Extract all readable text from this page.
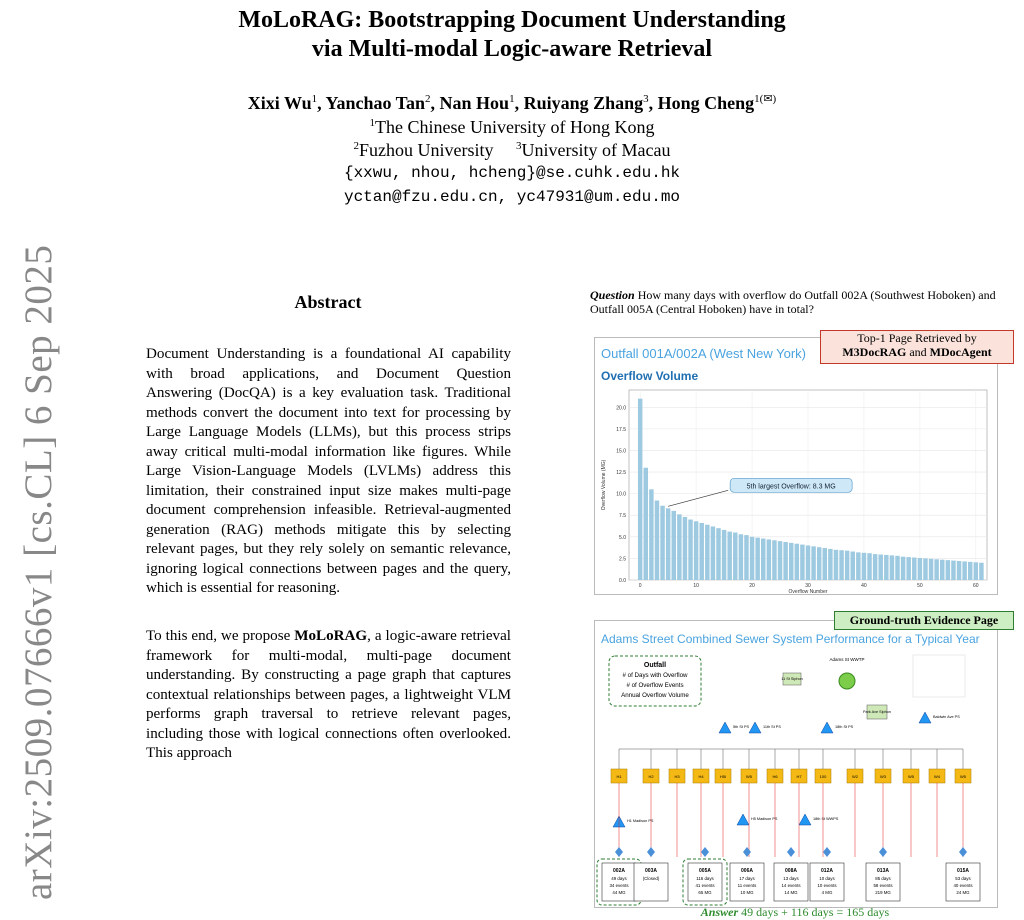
MoLoRAG: Bootstrapping Document Understanding
via Multi-modal Logic-aware Retrieval
Xixi Wu$^1$, Yanchao Tan$^2$, Nan Hou$^1$, Ruiyang Zhang$^3$, Hong Cheng$^{1(✉)}$
$^1$The Chinese University of Hong Kong
$^2$Fuzhou University $^3$University of Macau
{xxwu, nhou, hcheng}@se.cuhk.edu.hk
yctan@fzu.edu.cn, yc47931@um.edu.mo
arXiv:2509.07666v1 [cs.CL] 6 Sep 2025	Abstract
Document Understanding is a foundational AI capability with broad applications, and Document Question Answering (DocQA) is a key evaluation task. Traditional methods convert the document into text for processing by Large Language Models (LLMs), but this process strips away critical multi-modal information like figures. While Large Vision-Language Models (LVLMs) address this limitation, their constrained input size makes multi-page document comprehension infeasible. Retrieval-augmented generation (RAG) methods mitigate this by selecting relevant pages, but they rely solely on semantic relevance, ignoring logical connections between pages and the query, which is essential for reasoning.
To this end, we propose MoLoRAG, a logic-aware retrieval framework for multi-modal, multi-page document understanding. By constructing a page graph that captures contextual relationships between pages, a lightweight VLM performs graph traversal to retrieve relevant pages, including those with logical connections often overlooked. This approach
Question How many days with overflow do Outfall 002A (Southwest Hoboken) and Outfall 005A (Central Hoboken) have in total?
Outfall 001A/002A (West New York)
Overflow Volume
0.0
2.5
5.0
7.5
10.0
12.5
15.0
17.5
20.0
0	10	20	30	40	50	60
Overflow Number
Overflow Volume (MG)	5th largest Overflow: 8.3 MG
Top-1 Page Retrieved by
M3DocRAG and MDocAgent
Adams Street Combined Sewer System Performance for a Typical Year
Outfall
# of Days with Overflow
# of Overflow Events
Annual Overflow Volume
Adams St WWTP
11 St Siphon
Park Ave Siphon
5th St PS	11th St PS	18th St PS
Baldwin Ave PS
H1 Madison PS	H5 Madison PS	18th St WWPS
H1	H2	H3	H4	H5I	W5	H6	H7	100	W2	W3	W5	W4	W5
002A
49 days
34 events
44 MG
003A
(Closed)
005A
116 days
41 events
65 MG
006A
17 days
11 events
10 MG
008A
13 days
14 events
14 MG
012A
10 days
10 events
4 MG
013A
85 days
58 events
219 MG
015A
53 days
40 events
24 MG
Ground-truth Evidence Page
Answer 49 days + 116 days = 165 days
